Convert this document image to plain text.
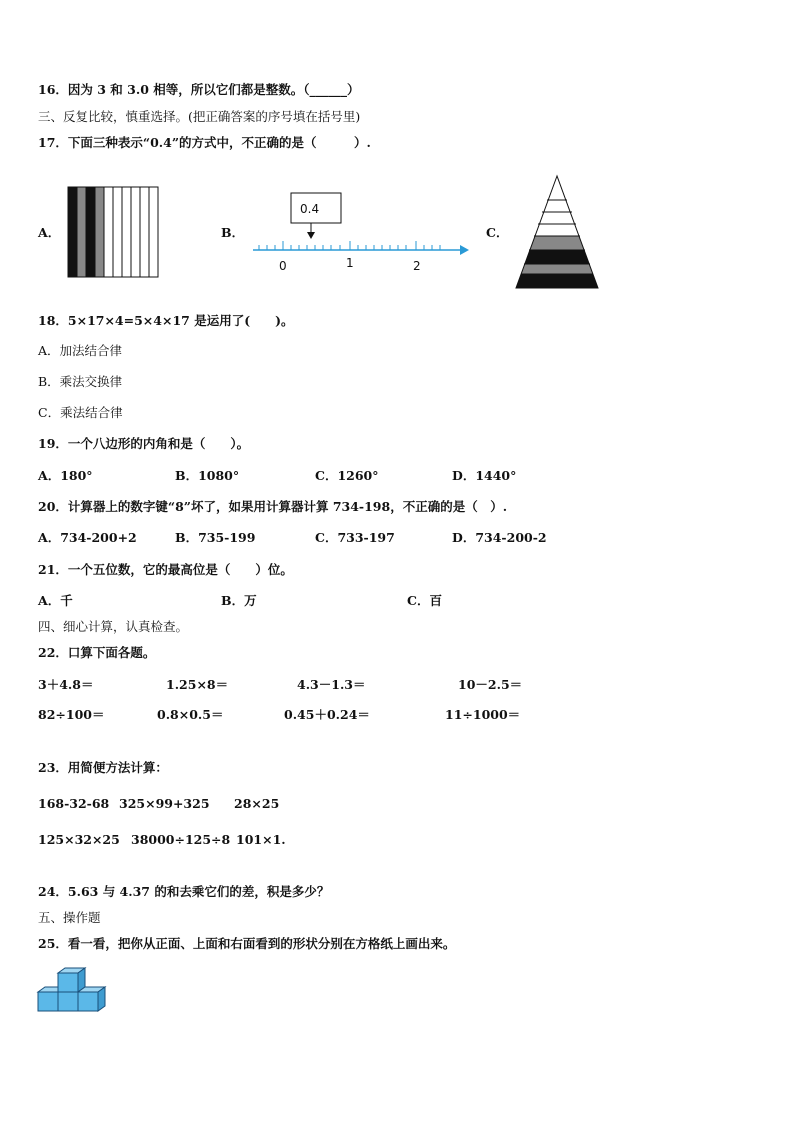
16．因为 3 和 3.0 相等，所以它们都是整数。（______）
三、反复比较，慎重选择。(把正确答案的序号填在括号里)
17．下面三种表示“0.4”的方式中，不正确的是（　　　）.
A．	B．
0.4
0	1	2
C．
18．5×17×4=5×4×17 是运用了(　　)。
A．加法结合律
B．乘法交换律
C．乘法结合律
19．一个八边形的内角和是（　　）。
A．180°	B．1080°	C．1260°	D．1440°
20．计算器上的数字键“8”坏了，如果用计算器计算 734-198，不正确的是（　）.
A．734-200+2	B．735-199	C．733-197	D．734-200-2
21．一个五位数，它的最高位是（　　）位。
A．千	B．万	C．百
四、细心计算，认真检查。
22．口算下面各题。
3＋4.8＝	1.25×8＝	4.3－1.3＝	10－2.5＝
82÷100＝	0.8×0.5＝	0.45＋0.24＝	11÷1000＝
23．用简便方法计算：
168-32-68 325×99+325 28×25
125×32×25 38000÷125÷8 101×1.
24．5.63 与 4.37 的和去乘它们的差，积是多少？
五、操作题
25．看一看，把你从正面、上面和右面看到的形状分别在方格纸上画出来。
